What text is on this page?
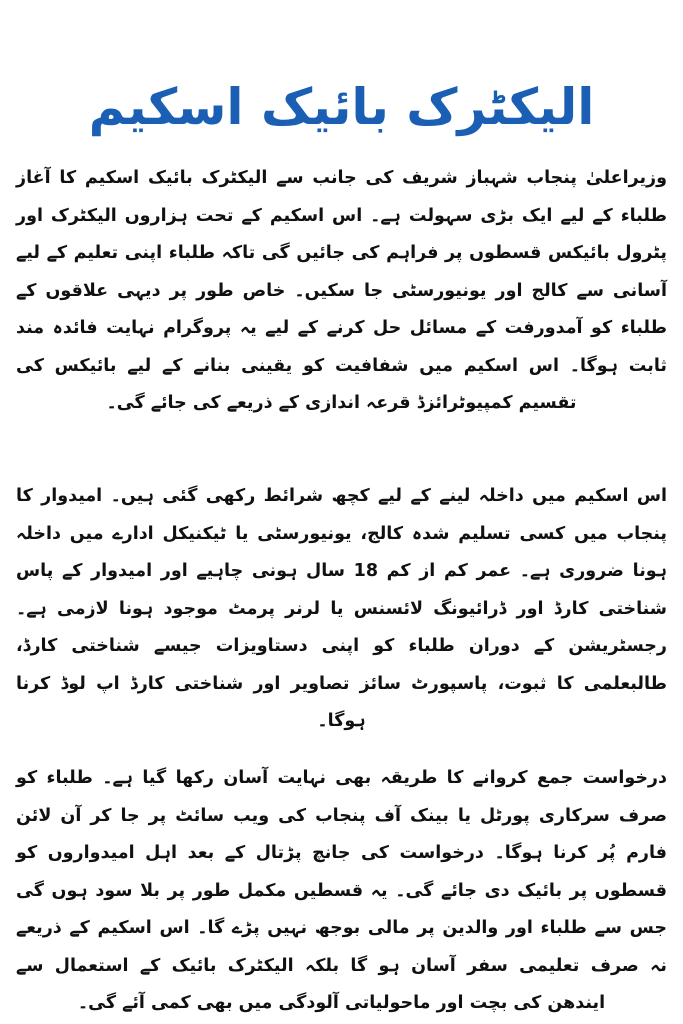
الیکٹرک بائیک اسکیم

وزیراعلیٰ پنجاب شہباز شریف کی جانب سے الیکٹرک بائیک اسکیم کا آغاز طلباء کے لیے ایک بڑی سہولت ہے۔ اس اسکیم کے تحت ہزاروں الیکٹرک اور پٹرول بائیکس قسطوں پر فراہم کی جائیں گی تاکہ طلباء اپنی تعلیم کے لیے آسانی سے کالج اور یونیورسٹی جا سکیں۔ خاص طور پر دیہی علاقوں کے طلباء کو آمدورفت کے مسائل حل کرنے کے لیے یہ پروگرام نہایت فائدہ مند ثابت ہوگا۔ اس اسکیم میں شفافیت کو یقینی بنانے کے لیے بائیکس کی تقسیم کمپیوٹرائزڈ قرعہ اندازی کے ذریعے کی جائے گی۔

اس اسکیم میں داخلہ لینے کے لیے کچھ شرائط رکھی گئی ہیں۔ امیدوار کا پنجاب میں کسی تسلیم شدہ کالج، یونیورسٹی یا ٹیکنیکل ادارے میں داخلہ ہونا ضروری ہے۔ عمر کم از کم 18 سال ہونی چاہیے اور امیدوار کے پاس شناختی کارڈ اور ڈرائیونگ لائسنس یا لرنر پرمٹ موجود ہونا لازمی ہے۔ رجسٹریشن کے دوران طلباء کو اپنی دستاویزات جیسے شناختی کارڈ، طالبعلمی کا ثبوت، پاسپورٹ سائز تصاویر اور شناختی کارڈ اپ لوڈ کرنا ہوگا۔

درخواست جمع کروانے کا طریقہ بھی نہایت آسان رکھا گیا ہے۔ طلباء کو صرف سرکاری پورٹل یا بینک آف پنجاب کی ویب سائٹ پر جا کر آن لائن فارم پُر کرنا ہوگا۔ درخواست کی جانچ پڑتال کے بعد اہل امیدواروں کو قسطوں پر بائیک دی جائے گی۔ یہ قسطیں مکمل طور پر بلا سود ہوں گی جس سے طلباء اور والدین پر مالی بوجھ نہیں پڑے گا۔ اس اسکیم کے ذریعے نہ صرف تعلیمی سفر آسان ہو گا بلکہ الیکٹرک بائیک کے استعمال سے ایندھن کی بچت اور ماحولیاتی آلودگی میں بھی کمی آئے گی۔
